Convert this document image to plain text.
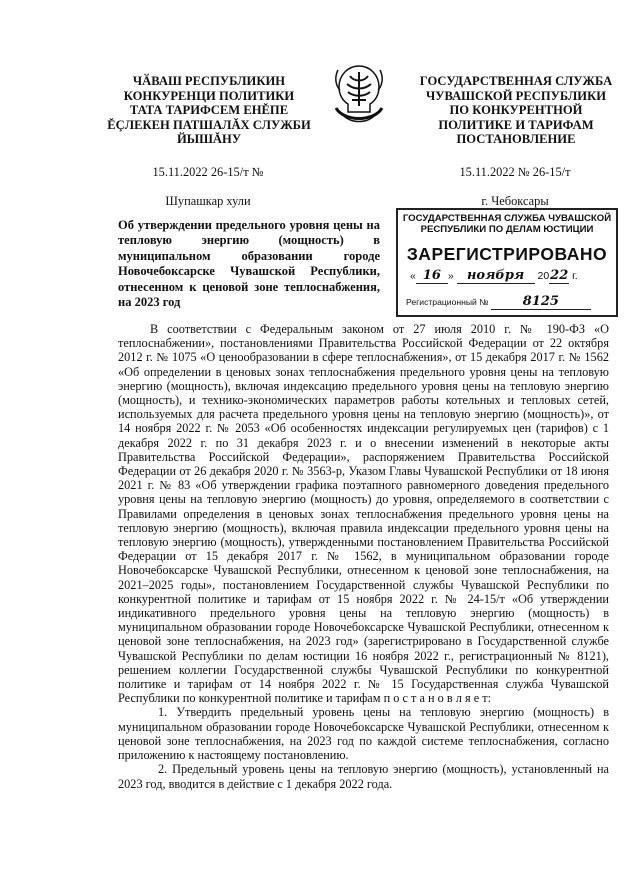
ЧӐВАШ РЕСПУБЛИКИН
КОНКУРЕНЦИ ПОЛИТИКИ
ТАТА ТАРИФСЕМ ЕНĔПЕ
ĔÇЛЕКЕН ПАТШАЛĂХ СЛУЖБИ
ЙЫШĂНУ
ГОСУДАРСТВЕННАЯ СЛУЖБА
ЧУВАШСКОЙ РЕСПУБЛИКИ
ПО КОНКУРЕНТНОЙ
ПОЛИТИКЕ И ТАРИФАМ
ПОСТАНОВЛЕНИЕ
15.11.2022 26-15/т №	15.11.2022 № 26-15/т
Шупашкар хули	г. Чебоксары
Об утверждении предельного уровня цены на тепловую энергию (мощность) в муниципальном образовании городе Новочебоксарске Чувашской Республики, отнесенном к ценовой зоне теплоснабжения, на 2023 год
ГОСУДАРСТВЕННАЯ СЛУЖБА ЧУВАШСКОЙ
РЕСПУБЛИКИ ПО ДЕЛАМ ЮСТИЦИИ
ЗАРЕГИСТРИРОВАНО
« 16 » ноября 2022 г.
Регистрационный №	8125

В соответствии с Федеральным законом от 27 июля 2010 г. № 190-ФЗ «О теплоснабжении», постановлениями Правительства Российской Федерации от 22 октября 2012 г. № 1075 «О ценообразовании в сфере теплоснабжения», от 15 декабря 2017 г. № 1562 «Об определении в ценовых зонах теплоснабжения предельного уровня цены на тепловую энергию (мощность), включая индексацию предельного уровня цены на тепловую энергию (мощность), и технико-экономических параметров работы котельных и тепловых сетей, используемых для расчета предельного уровня цены на тепловую энергию (мощность)», от 14 ноября 2022 г. № 2053 «Об особенностях индексации регулируемых цен (тарифов) с 1 декабря 2022 г. по 31 декабря 2023 г. и о внесении изменений в некоторые акты Правительства Российской Федерации», распоряжением Правительства Российской Федерации от 26 декабря 2020 г. № 3563-р, Указом Главы Чувашской Республики от 18 июня 2021 г. № 83 «Об утверждении графика поэтапного равномерного доведения предельного уровня цены на тепловую энергию (мощность) до уровня, определяемого в соответствии с Правилами определения в ценовых зонах теплоснабжения предельного уровня цены на тепловую энергию (мощность), включая правила индексации предельного уровня цены на тепловую энергию (мощность), утвержденными постановлением Правительства Российской Федерации от 15 декабря 2017 г. № 1562, в муниципальном образовании городе Новочебоксарске Чувашской Республики, отнесенном к ценовой зоне теплоснабжения, на 2021–2025 годы», постановлением Государственной службы Чувашской Республики по конкурентной политике и тарифам от 15 ноября 2022 г. № 24-15/т «Об утверждении индикативного предельного уровня цены на тепловую энергию (мощность) в муниципальном образовании городе Новочебоксарске Чувашской Республики, отнесенном к ценовой зоне теплоснабжения, на 2023 год» (зарегистрировано в Государственной службе Чувашской Республики по делам юстиции 16 ноября 2022 г., регистрационный № 8121), решением коллегии Государственной службы Чувашской Республики по конкурентной политике и тарифам от 14 ноября 2022 г. № 15 Государственная служба Чувашской Республики по конкурентной политике и тарифам п о с т а н о в л я е т:

1. Утвердить предельный уровень цены на тепловую энергию (мощность) в муниципальном образовании городе Новочебоксарске Чувашской Республики, отнесенном к ценовой зоне теплоснабжения, на 2023 год по каждой системе теплоснабжения, согласно приложению к настоящему постановлению.

2. Предельный уровень цены на тепловую энергию (мощность), установленный на 2023 год, вводится в действие с 1 декабря 2022 года.
